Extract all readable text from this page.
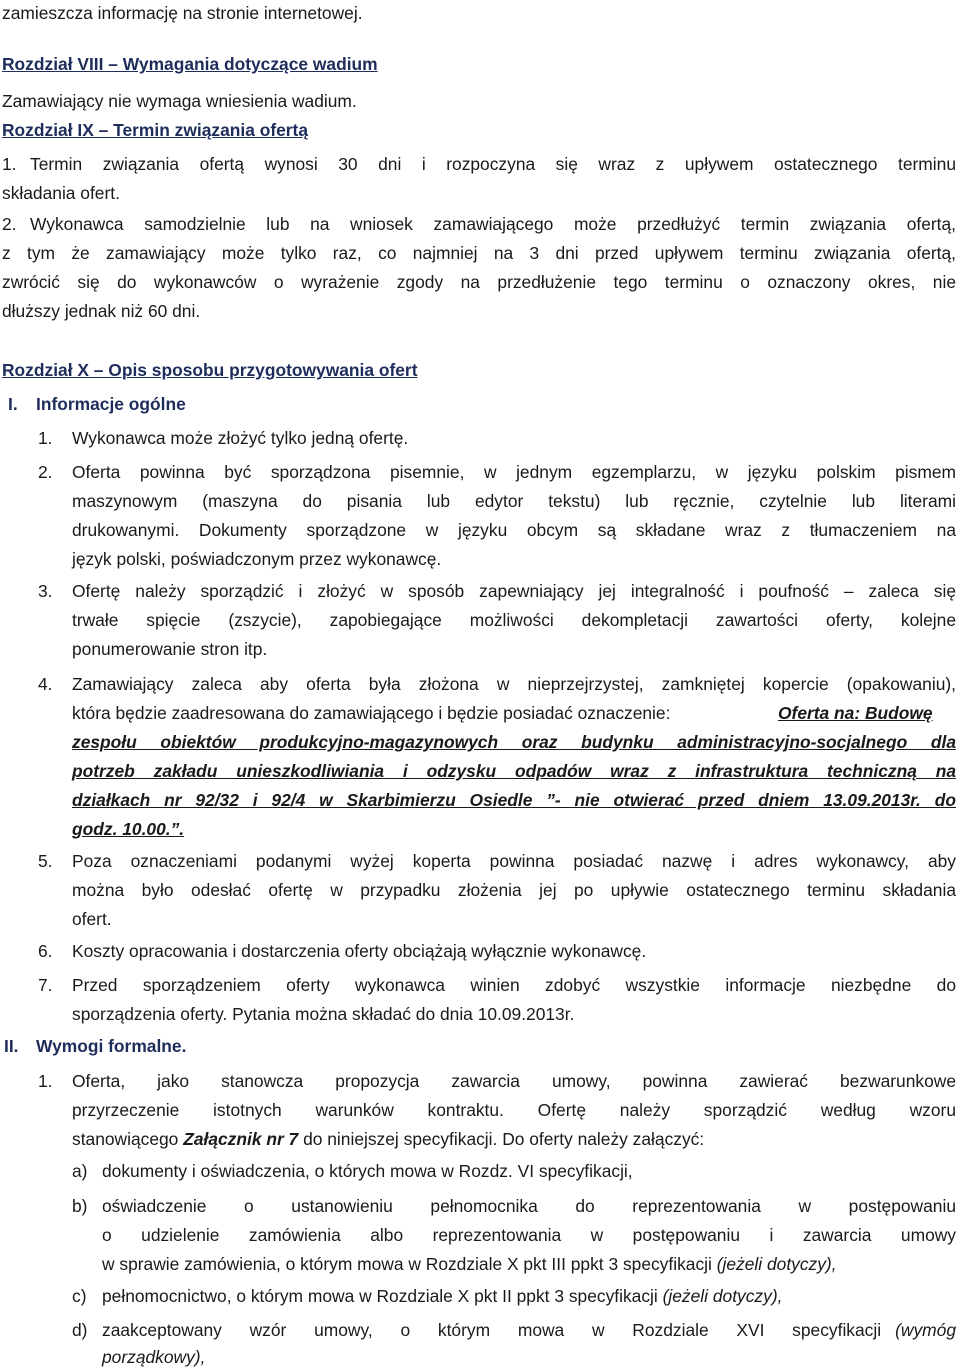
zamieszcza informację na stronie internetowej.
Rozdział VIII – Wymagania dotyczące wadium
Zamawiający nie wymaga wniesienia wadium.
Rozdział IX – Termin związania ofertą
1. Termin związania ofertą wynosi 30 dni i rozpoczyna się wraz z upływem ostatecznego terminu
składania ofert.
2. Wykonawca samodzielnie lub na wniosek zamawiającego może przedłużyć termin związania ofertą,
z tym że zamawiający może tylko raz, co najmniej na 3 dni przed upływem terminu związania ofertą,
zwrócić się do wykonawców o wyrażenie zgody na przedłużenie tego terminu o oznaczony okres, nie
dłuższy jednak niż 60 dni.
Rozdział X – Opis sposobu przygotowywania ofert
I. Informacje ogólne
1. Wykonawca może złożyć tylko jedną ofertę.
2. Oferta powinna być sporządzona pisemnie, w jednym egzemplarzu, w języku polskim pismem
maszynowym (maszyna do pisania lub edytor tekstu) lub ręcznie, czytelnie lub literami
drukowanymi. Dokumenty sporządzone w języku obcym są składane wraz z tłumaczeniem na
język polski, poświadczonym przez wykonawcę.
3. Ofertę należy sporządzić i złożyć w sposób zapewniający jej integralność i poufność – zaleca się
trwałe spięcie (zszycie), zapobiegające możliwości dekompletacji zawartości oferty, kolejne
ponumerowanie stron itp.
4. Zamawiający zaleca aby oferta była złożona w nieprzejrzystej, zamkniętej kopercie (opakowaniu),
która będzie zaadresowana do zamawiającego i będzie posiadać oznaczenie:	Oferta na: Budowę
zespołu obiektów produkcyjno-magazynowych oraz budynku administracyjno-socjalnego dla
potrzeb zakładu unieszkodliwiania i odzysku odpadów wraz z infrastruktura techniczną na
działkach nr 92/32 i 92/4 w Skarbimierzu Osiedle ”- nie otwierać przed dniem 13.09.2013r. do
godz. 10.00.”.
5. Poza oznaczeniami podanymi wyżej koperta powinna posiadać nazwę i adres wykonawcy, aby
można było odesłać ofertę w przypadku złożenia jej po upływie ostatecznego terminu składania
ofert.
6. Koszty opracowania i dostarczenia oferty obciążają wyłącznie wykonawcę.
7. Przed sporządzeniem oferty wykonawca winien zdobyć wszystkie informacje niezbędne do
sporządzenia oferty. Pytania można składać do dnia 10.09.2013r.
II. Wymogi formalne.
1. Oferta, jako stanowcza propozycja zawarcia umowy, powinna zawierać bezwarunkowe
przyrzeczenie istotnych warunków kontraktu. Ofertę należy sporządzić według wzoru
stanowiącego Załącznik nr 7 do niniejszej specyfikacji. Do oferty należy załączyć:
a) dokumenty i oświadczenia, o których mowa w Rozdz. VI specyfikacji,
b) oświadczenie o ustanowieniu pełnomocnika do reprezentowania w postępowaniu
o udzielenie zamówienia albo reprezentowania w postępowaniu i zawarcia umowy
w sprawie zamówienia, o którym mowa w Rozdziale X pkt III ppkt 3 specyfikacji (jeżeli dotyczy),
c) pełnomocnictwo, o którym mowa w Rozdziale X pkt II ppkt 3 specyfikacji (jeżeli dotyczy),
d) zaakceptowany wzór umowy, o którym mowa w Rozdziale XVI specyfikacji (wymóg
porządkowy),
